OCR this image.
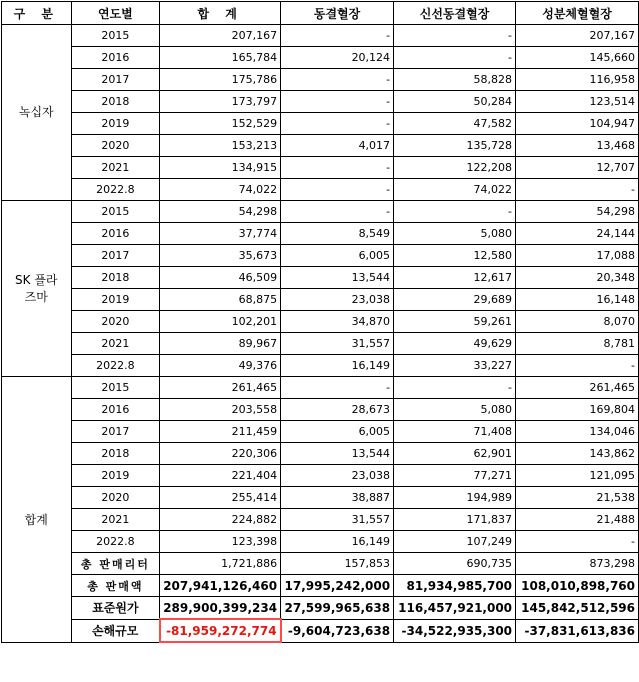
구 분	연도별	합 계	동결혈장	신선동결혈장	성분체혈혈장
녹십자	2015	207,167	-	-	207,167
	2016	165,784	20,124	-	145,660
	2017	175,786	-	58,828	116,958
	2018	173,797	-	50,284	123,514
	2019	152,529	-	47,582	104,947
	2020	153,213	4,017	135,728	13,468
	2021	134,915	-	122,208	12,707
	2022.8	74,022	-	74,022	-
SK 플라즈마	2015	54,298	-	-	54,298
	2016	37,774	8,549	5,080	24,144
	2017	35,673	6,005	12,580	17,088
	2018	46,509	13,544	12,617	20,348
	2019	68,875	23,038	29,689	16,148
	2020	102,201	34,870	59,261	8,070
	2021	89,967	31,557	49,629	8,781
	2022.8	49,376	16,149	33,227	-
합계	2015	261,465	-	-	261,465
	2016	203,558	28,673	5,080	169,804
	2017	211,459	6,005	71,408	134,046
	2018	220,306	13,544	62,901	143,862
	2019	221,404	23,038	77,271	121,095
	2020	255,414	38,887	194,989	21,538
	2021	224,882	31,557	171,837	21,488
	2022.8	123,398	16,149	107,249	-
	총 판매리터	1,721,886	157,853	690,735	873,298
	총 판매액	207,941,126,460	17,995,242,000	81,934,985,700	108,010,898,760
	표준원가	289,900,399,234	27,599,965,638	116,457,921,000	145,842,512,596
	손해규모	-81,959,272,774	-9,604,723,638	-34,522,935,300	-37,831,613,836
